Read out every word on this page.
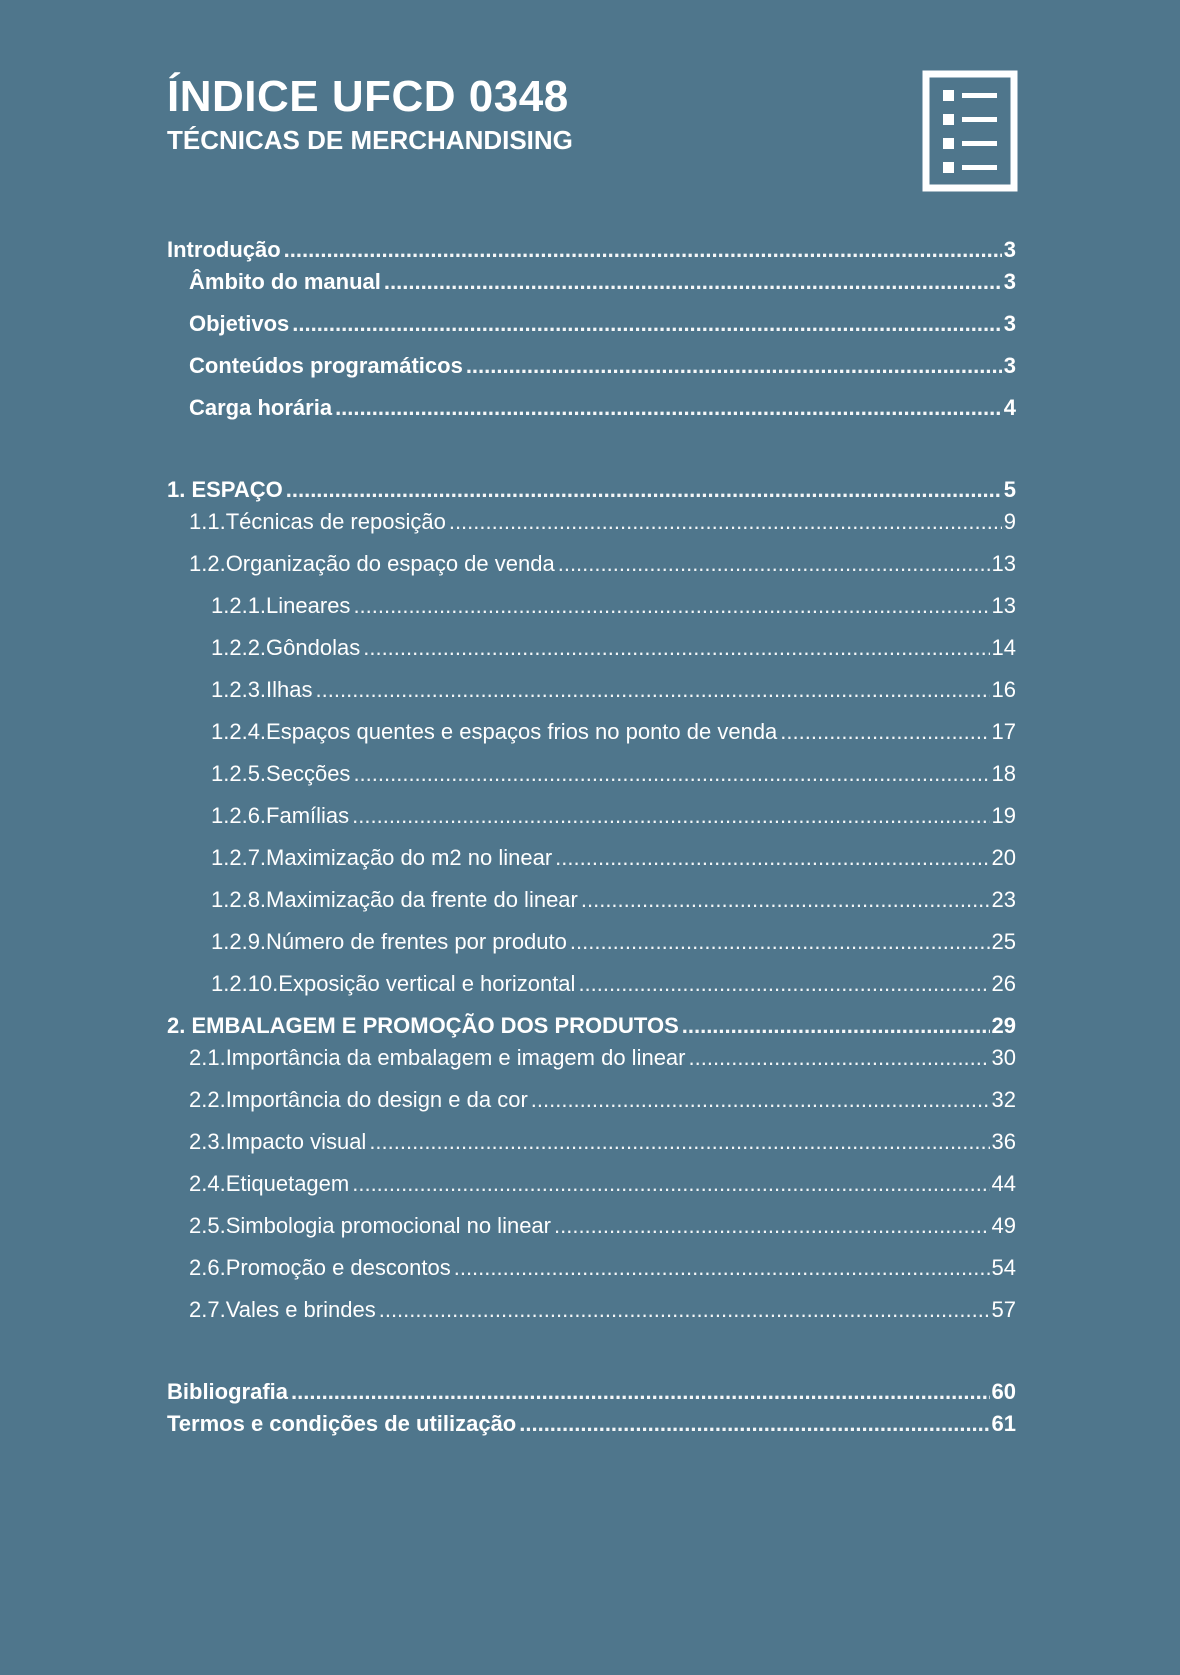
ÍNDICE UFCD 0348
TÉCNICAS DE MERCHANDISING
Introdução .....	3
Âmbito do manual .....	3
Objetivos .....	3
Conteúdos programáticos .....	3
Carga horária .....	4
1. ESPAÇO .....	5
1.1.Técnicas de reposição .....	9
1.2.Organização do espaço de venda .....	13
1.2.1.Lineares .....	13
1.2.2.Gôndolas .....	14
1.2.3.Ilhas .....	16
1.2.4.Espaços quentes e espaços frios no ponto de venda .....	17
1.2.5.Secções .....	18
1.2.6.Famílias .....	19
1.2.7.Maximização do m2 no linear .....	20
1.2.8.Maximização da frente do linear .....	23
1.2.9.Número de frentes por produto .....	25
1.2.10.Exposição vertical e horizontal .....	26
2. EMBALAGEM E PROMOÇÃO DOS PRODUTOS .....	29
2.1.Importância da embalagem e imagem do linear .....	30
2.2.Importância do design e da cor .....	32
2.3.Impacto visual .....	36
2.4.Etiquetagem .....	44
2.5.Simbologia promocional no linear .....	49
2.6.Promoção e descontos .....	54
2.7.Vales e brindes .....	57
Bibliografia .....	60
Termos e condições de utilização .....	61
